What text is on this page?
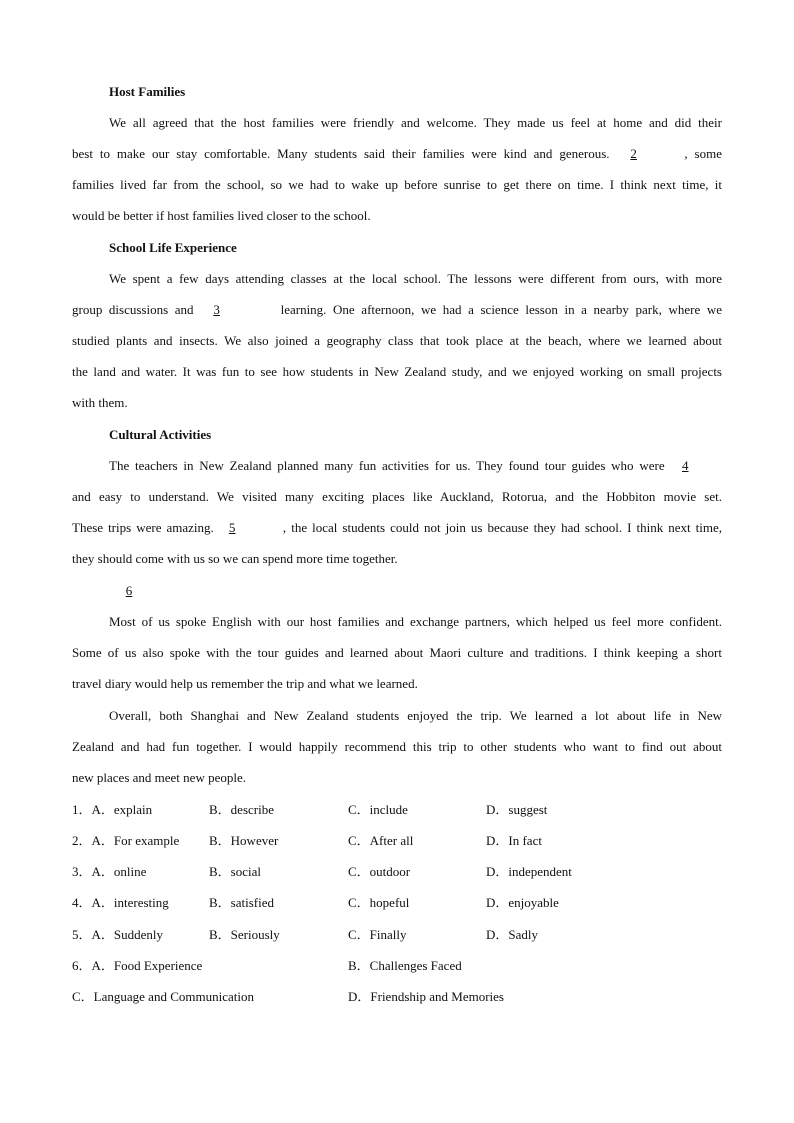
Host Families
We all agreed that the host families were friendly and welcome. They made us feel at home and did their
best to make our stay comfortable. Many students said their families were kind and generous. 2	, some
families lived far from the school, so we had to wake up before sunrise to get there on time. I think next time, it
would be better if host families lived closer to the school.
School Life Experience
We spent a few days attending classes at the local school. The lessons were different from ours, with more
group discussions and 3	learning. One afternoon, we had a science lesson in a nearby park, where we
studied plants and insects. We also joined a geography class that took place at the beach, where we learned about
the land and water. It was fun to see how students in New Zealand study, and we enjoyed working on small projects
with them.
Cultural Activities
The teachers in New Zealand planned many fun activities for us. They found tour guides who were 4
and easy to understand. We visited many exciting places like Auckland, Rotorua, and the Hobbiton movie set.
These trips were amazing. 5	, the local students could not join us because they had school. I think next time,
they should come with us so we can spend more time together.
6
Most of us spoke English with our host families and exchange partners, which helped us feel more confident.
Some of us also spoke with the tour guides and learned about Maori culture and traditions. I think keeping a short
travel diary would help us remember the trip and what we learned.
Overall, both Shanghai and New Zealand students enjoyed the trip. We learned a lot about life in New
Zealand and had fun together. I would happily recommend this trip to other students who want to find out about
new places and meet new people.
1．A．explain	B．describe	C．include	D．suggest
2．A．For example B．However	C．After all	D．In fact
3．A．online	B．social	C．outdoor	D．independent
4．A．interesting	B．satisfied	C．hopeful	D．enjoyable
5．A．Suddenly	B．Seriously	C．Finally	D．Sadly
6．A．Food Experience	B．Challenges Faced
C．Language and Communication	D．Friendship and Memories
